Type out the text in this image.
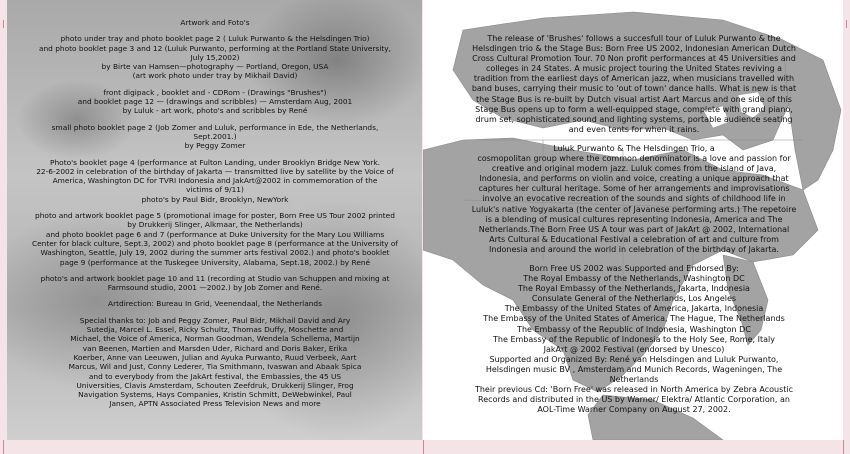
Artwork and Foto's
photo under tray and photo booklet page 2 ( Luluk Purwanto & the Helsdingen Trio)
and photo booklet page 3 and 12 (Luluk Purwanto, performing at the Portland State University,
July 15,2002)
by Birte van Hamsen—photography — Portland, Oregon, USA
(art work photo under tray by Mikhail David)
front digipack , booklet and - CDRom - (Drawings "Brushes")
and booklet page 12 — (drawings and scribbles) — Amsterdam Aug, 2001
by Luluk - art work, photo's and scribbles by René
small photo booklet page 2 (Job Zomer and Luluk, performance in Ede, the Netherlands,
Sept.2001.)
by Peggy Zomer
Photo's booklet page 4 (performance at Fulton Landing, under Brooklyn Bridge New York.
22-6-2002 in celebration of the birthday of Jakarta — transmitted live by satellite by the Voice of
America, Washington DC for TVRI Indonesia and JakArt@2002 in commemoration of the
victims of 9/11)
photo's by Paul Bidr, Brooklyn, NewYork
photo and artwork booklet page 5 (promotional image for poster, Born Free US Tour 2002 printed
by Drukkerij Slinger, Alkmaar, the Netherlands)
and photo booklet page 6 and 7 (performance at Duke University for the Mary Lou Williams
Center for black culture, Sept.3, 2002) and photo booklet page 8 (performance at the University of
Washington, Seattle, July 19, 2002 during the summer arts festival 2002.) and photo's booklet
page 9 (performance at the Tuskegee University, Alabama, Sept.18, 2002.) by René
photo's and artwork booklet page 10 and 11 (recording at Studio van Schuppen and mixing at
Farmsound studio, 2001 —2002.) by Job Zomer and René.
Artdirection: Bureau In Grid, Veenendaal, the Netherlands
Special thanks to: Job and Peggy Zomer, Paul Bidr, Mikhail David and Ary
Sutedja, Marcel L. Essel, Ricky Schultz, Thomas Duffy, Moschette and
Michael, the Voice of America, Norman Goodman, Wendela Schellema, Martijn
van Beenen, Martien and Marsden Uder, Richard and Doris Baker, Erika
Koerber, Anne van Leeuwen, Julian and Ayuka Purwanto, Ruud Verbeek, Aart
Marcus, Wil and Just, Conny Lederer, Tia Smithmann, Ivaswan and Abaak Spica
and to everybody from the JakArt festival, the Embassies, the 45 US
Universities, Clavis Amsterdam, Schouten Zeefdruk, Drukkerij Slinger, Frog
Navigation Systems, Hays Companies, Kristin Schmitt, DeWebwinkel, Paul
Jansen, APTN Associated Press Television News and more
The release of 'Brushes' follows a succesfull tour of Luluk Purwanto & the
Helsdingen trio & the Stage Bus: Born Free US 2002, Indonesian American Dutch
Cross Cultural Promotion Tour. 70 Non profit performances at 45 Universities and
colleges in 24 States. A music project touring the United States reviving a
tradition from the earliest days of American jazz, when musicians travelled with
band buses, carrying their music to 'out of town' dance halls. What is new is that
the Stage Bus is re-built by Dutch visual artist Aart Marcus and one side of this
Stage Bus opens up to form a well-equipped stage, complete with grand piano,
drum set, sophisticated sound and lighting systems, portable audience seating
and even tents for when it rains.
Luluk Purwanto & The Helsdingen Trio, a
cosmopolitan group where the common denominator is a love and passion for
creative and original modern jazz. Luluk comes from the island of Java,
Indonesia, and performs on violin and voice, creating a unique approach that
captures her cultural heritage. Some of her arrangements and improvisations
involve an evocative recreation of the sounds and sights of childhood life in
Luluk's native Yogyakarta (the center of Javanese performing arts.) The repetoire
is a blending of musical cultures representing Indonesia, America and The
Netherlands.The Born Free US A tour was part of JakArt @ 2002, International
Arts Cultural & Educational Festival a celebration of art and culture from
Indonesia and around the world in celebration of the birthday of Jakarta.
Born Free US 2002 was Supported and Endorsed By:
The Royal Embassy of the Netherlands, Washington DC
The Royal Embassy of the Netherlands, Jakarta, Indonesia
Consulate General of the Netherlands, Los Angeles
The Embassy of the United States of America, Jakarta, Indonesia
The Embassy of the United States of America, The Hague, The Netherlands
The Embassy of the Republic of Indonesia, Washington DC
The Embassy of the Republic of Indonesia to the Holy See, Rome, Italy
JakArt @ 2002 Festival (endorsed by Unesco)
Supported and Organized By: René van Helsdingen and Luluk Purwanto,
Helsdingen music BV , Amsterdam and Munich Records, Wageningen, The
Netherlands
Their previous Cd: 'Born Free' was released in North America by Zebra Acoustic
Records and distributed in the US by Warner/ Elektra/ Atlantic Corporation, an
AOL-Time Warner Company on August 27, 2002.
